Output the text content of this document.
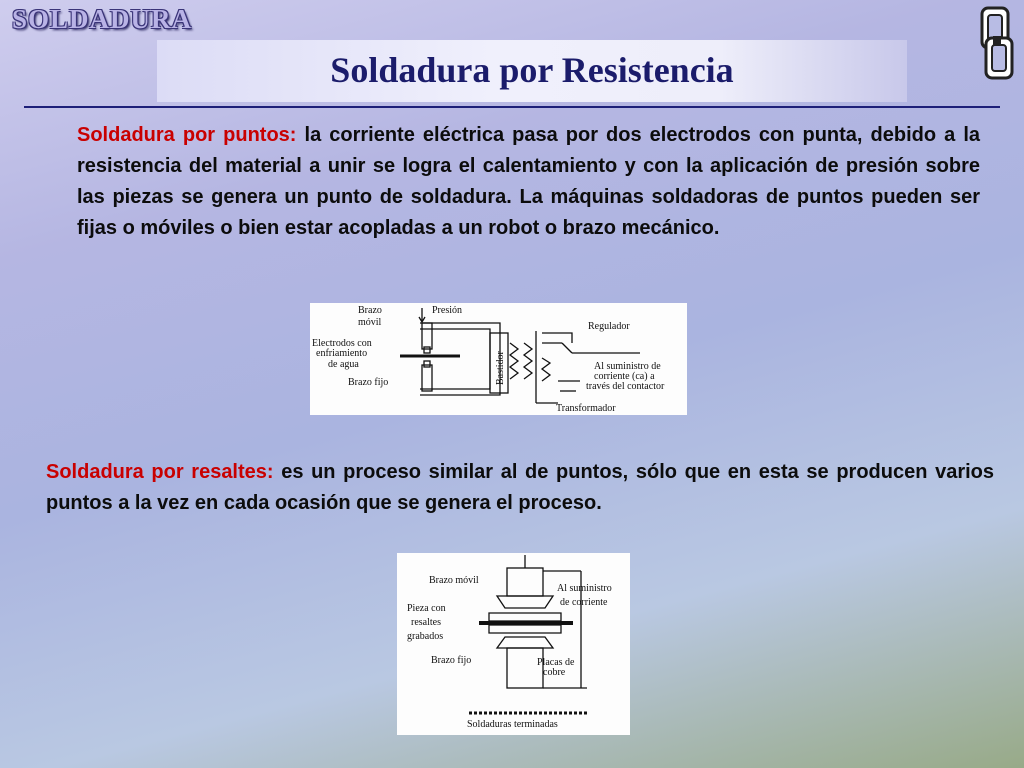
SOLDADURA
Soldadura por Resistencia

Soldadura por puntos: la corriente eléctrica pasa por dos electrodos con punta, debido a la resistencia del material a unir se logra el calentamiento y con la aplicación de presión sobre las piezas se genera un punto de soldadura. La máquinas soldadoras de puntos pueden ser fijas o móviles o bien estar acopladas a un robot o brazo mecánico.

Brazo
móvil
Presión
Electrodos con
enfriamiento
de agua
Brazo fijo	Bastidor
Regulador
Al suministro de
corriente (ca) a
través del contactor
Transformador

Soldadura por resaltes: es un proceso similar al de puntos, sólo que en esta se producen varios puntos a la vez en cada ocasión que se genera el proceso.

Brazo móvil
Al suministro
de corriente
Pieza con
resaltes
grabados
Brazo fijo	Placas de
cobre
Soldaduras terminadas
